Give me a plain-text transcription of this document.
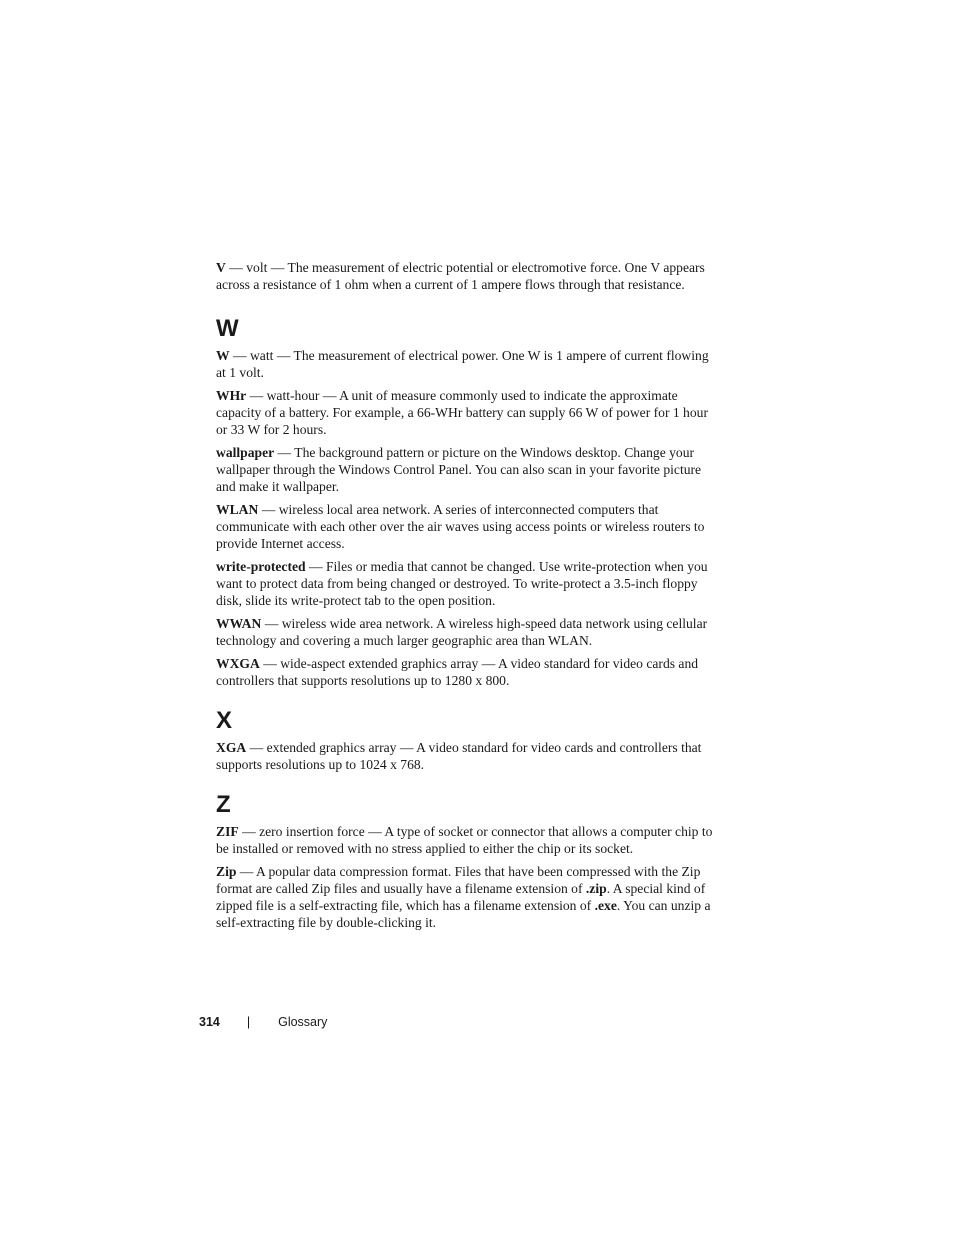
V — volt — The measurement of electric potential or electromotive force. One V appears across a resistance of 1 ohm when a current of 1 ampere flows through that resistance.

W

W — watt — The measurement of electrical power. One W is 1 ampere of current flowing at 1 volt.

WHr — watt-hour — A unit of measure commonly used to indicate the approximate capacity of a battery. For example, a 66-WHr battery can supply 66 W of power for 1 hour or 33 W for 2 hours.

wallpaper — The background pattern or picture on the Windows desktop. Change your wallpaper through the Windows Control Panel. You can also scan in your favorite picture and make it wallpaper.

WLAN — wireless local area network. A series of interconnected computers that communicate with each other over the air waves using access points or wireless routers to provide Internet access.

write-protected — Files or media that cannot be changed. Use write-protection when you want to protect data from being changed or destroyed. To write-protect a 3.5-inch floppy disk, slide its write-protect tab to the open position.

WWAN — wireless wide area network. A wireless high-speed data network using cellular technology and covering a much larger geographic area than WLAN.

WXGA — wide-aspect extended graphics array — A video standard for video cards and controllers that supports resolutions up to 1280 x 800.

X

XGA — extended graphics array — A video standard for video cards and controllers that supports resolutions up to 1024 x 768.

Z

ZIF — zero insertion force — A type of socket or connector that allows a computer chip to be installed or removed with no stress applied to either the chip or its socket.

Zip — A popular data compression format. Files that have been compressed with the Zip format are called Zip files and usually have a filename extension of .zip. A special kind of zipped file is a self-extracting file, which has a filename extension of .exe. You can unzip a self-extracting file by double-clicking it.

314 | Glossary
